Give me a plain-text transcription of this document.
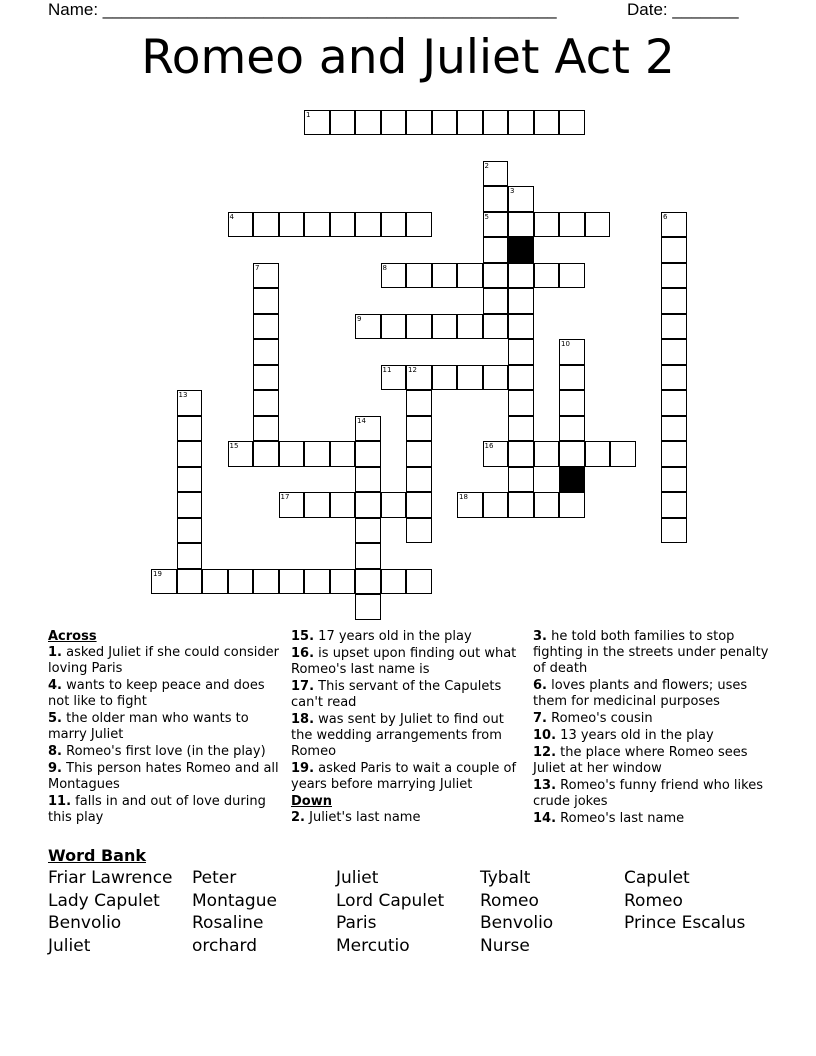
Name: ________________________________________________	Date: _______
Romeo and Juliet Act 2
1
2
5
3
4	6
7	8
9
10
11 12
13
14
15	16
17	18
19
Across
1. asked Juliet if she could consider loving Paris
4. wants to keep peace and does not like to fight
5. the older man who wants to marry Juliet
8. Romeo's first love (in the play)
9. This person hates Romeo and all Montagues
11. falls in and out of love during this play
15. 17 years old in the play
16. is upset upon finding out what Romeo's last name is
17. This servant of the Capulets can't read
18. was sent by Juliet to find out the wedding arrangements from Romeo
19. asked Paris to wait a couple of years before marrying Juliet
Down
2. Juliet's last name
3. he told both families to stop fighting in the streets under penalty of death
6. loves plants and flowers; uses them for medicinal purposes
7. Romeo's cousin
10. 13 years old in the play
12. the place where Romeo sees Juliet at her window
13. Romeo's funny friend who likes crude jokes
14. Romeo's last name
Word Bank
Friar Lawrence
Lady Capulet
Benvolio
Juliet
Peter
Montague
Rosaline
orchard
Juliet
Lord Capulet
Paris
Mercutio
Tybalt
Romeo
Benvolio
Nurse
Capulet
Romeo
Prince Escalus
